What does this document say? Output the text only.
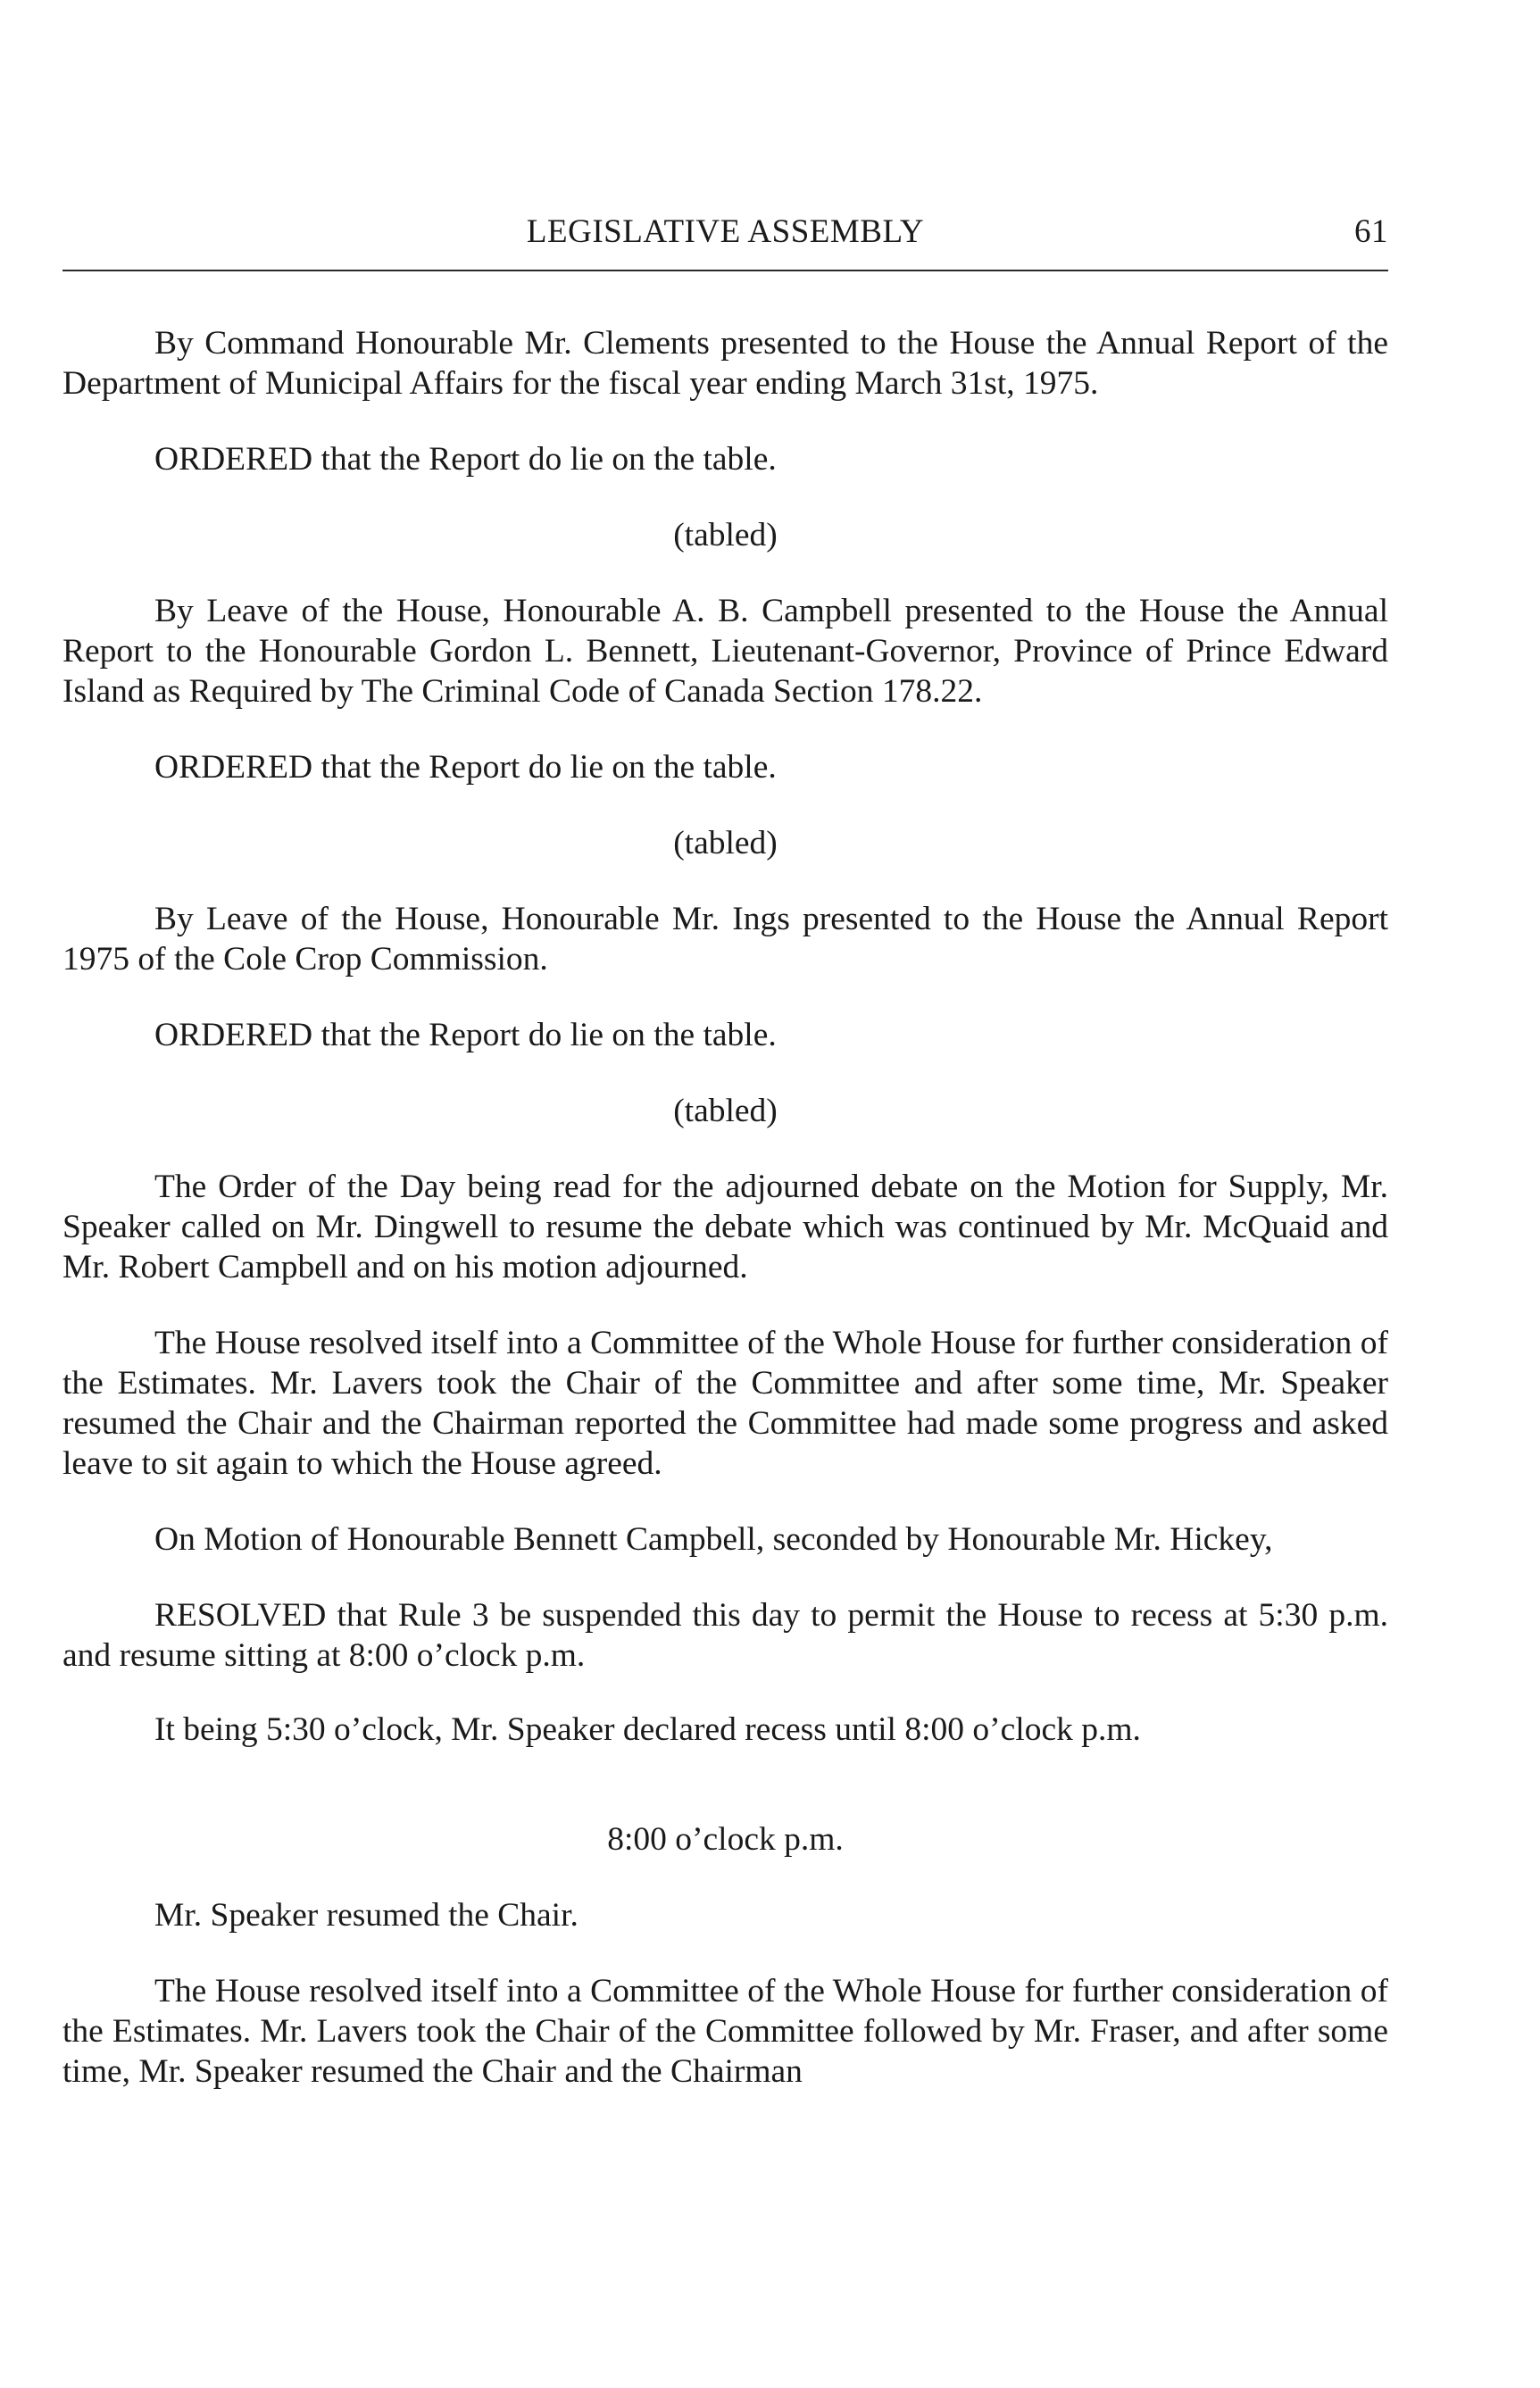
LEGISLATIVE ASSEMBLY	61

By Command Honourable Mr. Clements presented to the House the Annual Report of the Department of Municipal Affairs for the fiscal year ending March 31st, 1975.

ORDERED that the Report do lie on the table.

(tabled)

By Leave of the House, Honourable A. B. Campbell presented to the House the Annual Report to the Honourable Gordon L. Bennett, Lieutenant-Governor, Province of Prince Edward Island as Required by The Criminal Code of Canada Section 178.22.

ORDERED that the Report do lie on the table.

(tabled)

By Leave of the House, Honourable Mr. Ings presented to the House the Annual Report 1975 of the Cole Crop Commission.

ORDERED that the Report do lie on the table.

(tabled)

The Order of the Day being read for the adjourned debate on the Motion for Supply, Mr. Speaker called on Mr. Dingwell to resume the debate which was continued by Mr. McQuaid and Mr. Robert Campbell and on his motion adjourned.

The House resolved itself into a Committee of the Whole House for further consideration of the Estimates. Mr. Lavers took the Chair of the Committee and after some time, Mr. Speaker resumed the Chair and the Chairman reported the Committee had made some progress and asked leave to sit again to which the House agreed.

On Motion of Honourable Bennett Campbell, seconded by Honourable Mr. Hickey,

RESOLVED that Rule 3 be suspended this day to permit the House to recess at 5:30 p.m. and resume sitting at 8:00 o’clock p.m.

It being 5:30 o’clock, Mr. Speaker declared recess until 8:00 o’clock p.m.

8:00 o’clock p.m.

Mr. Speaker resumed the Chair.

The House resolved itself into a Committee of the Whole House for further consideration of the Estimates. Mr. Lavers took the Chair of the Committee followed by Mr. Fraser, and after some time, Mr. Speaker resumed the Chair and the Chairman
